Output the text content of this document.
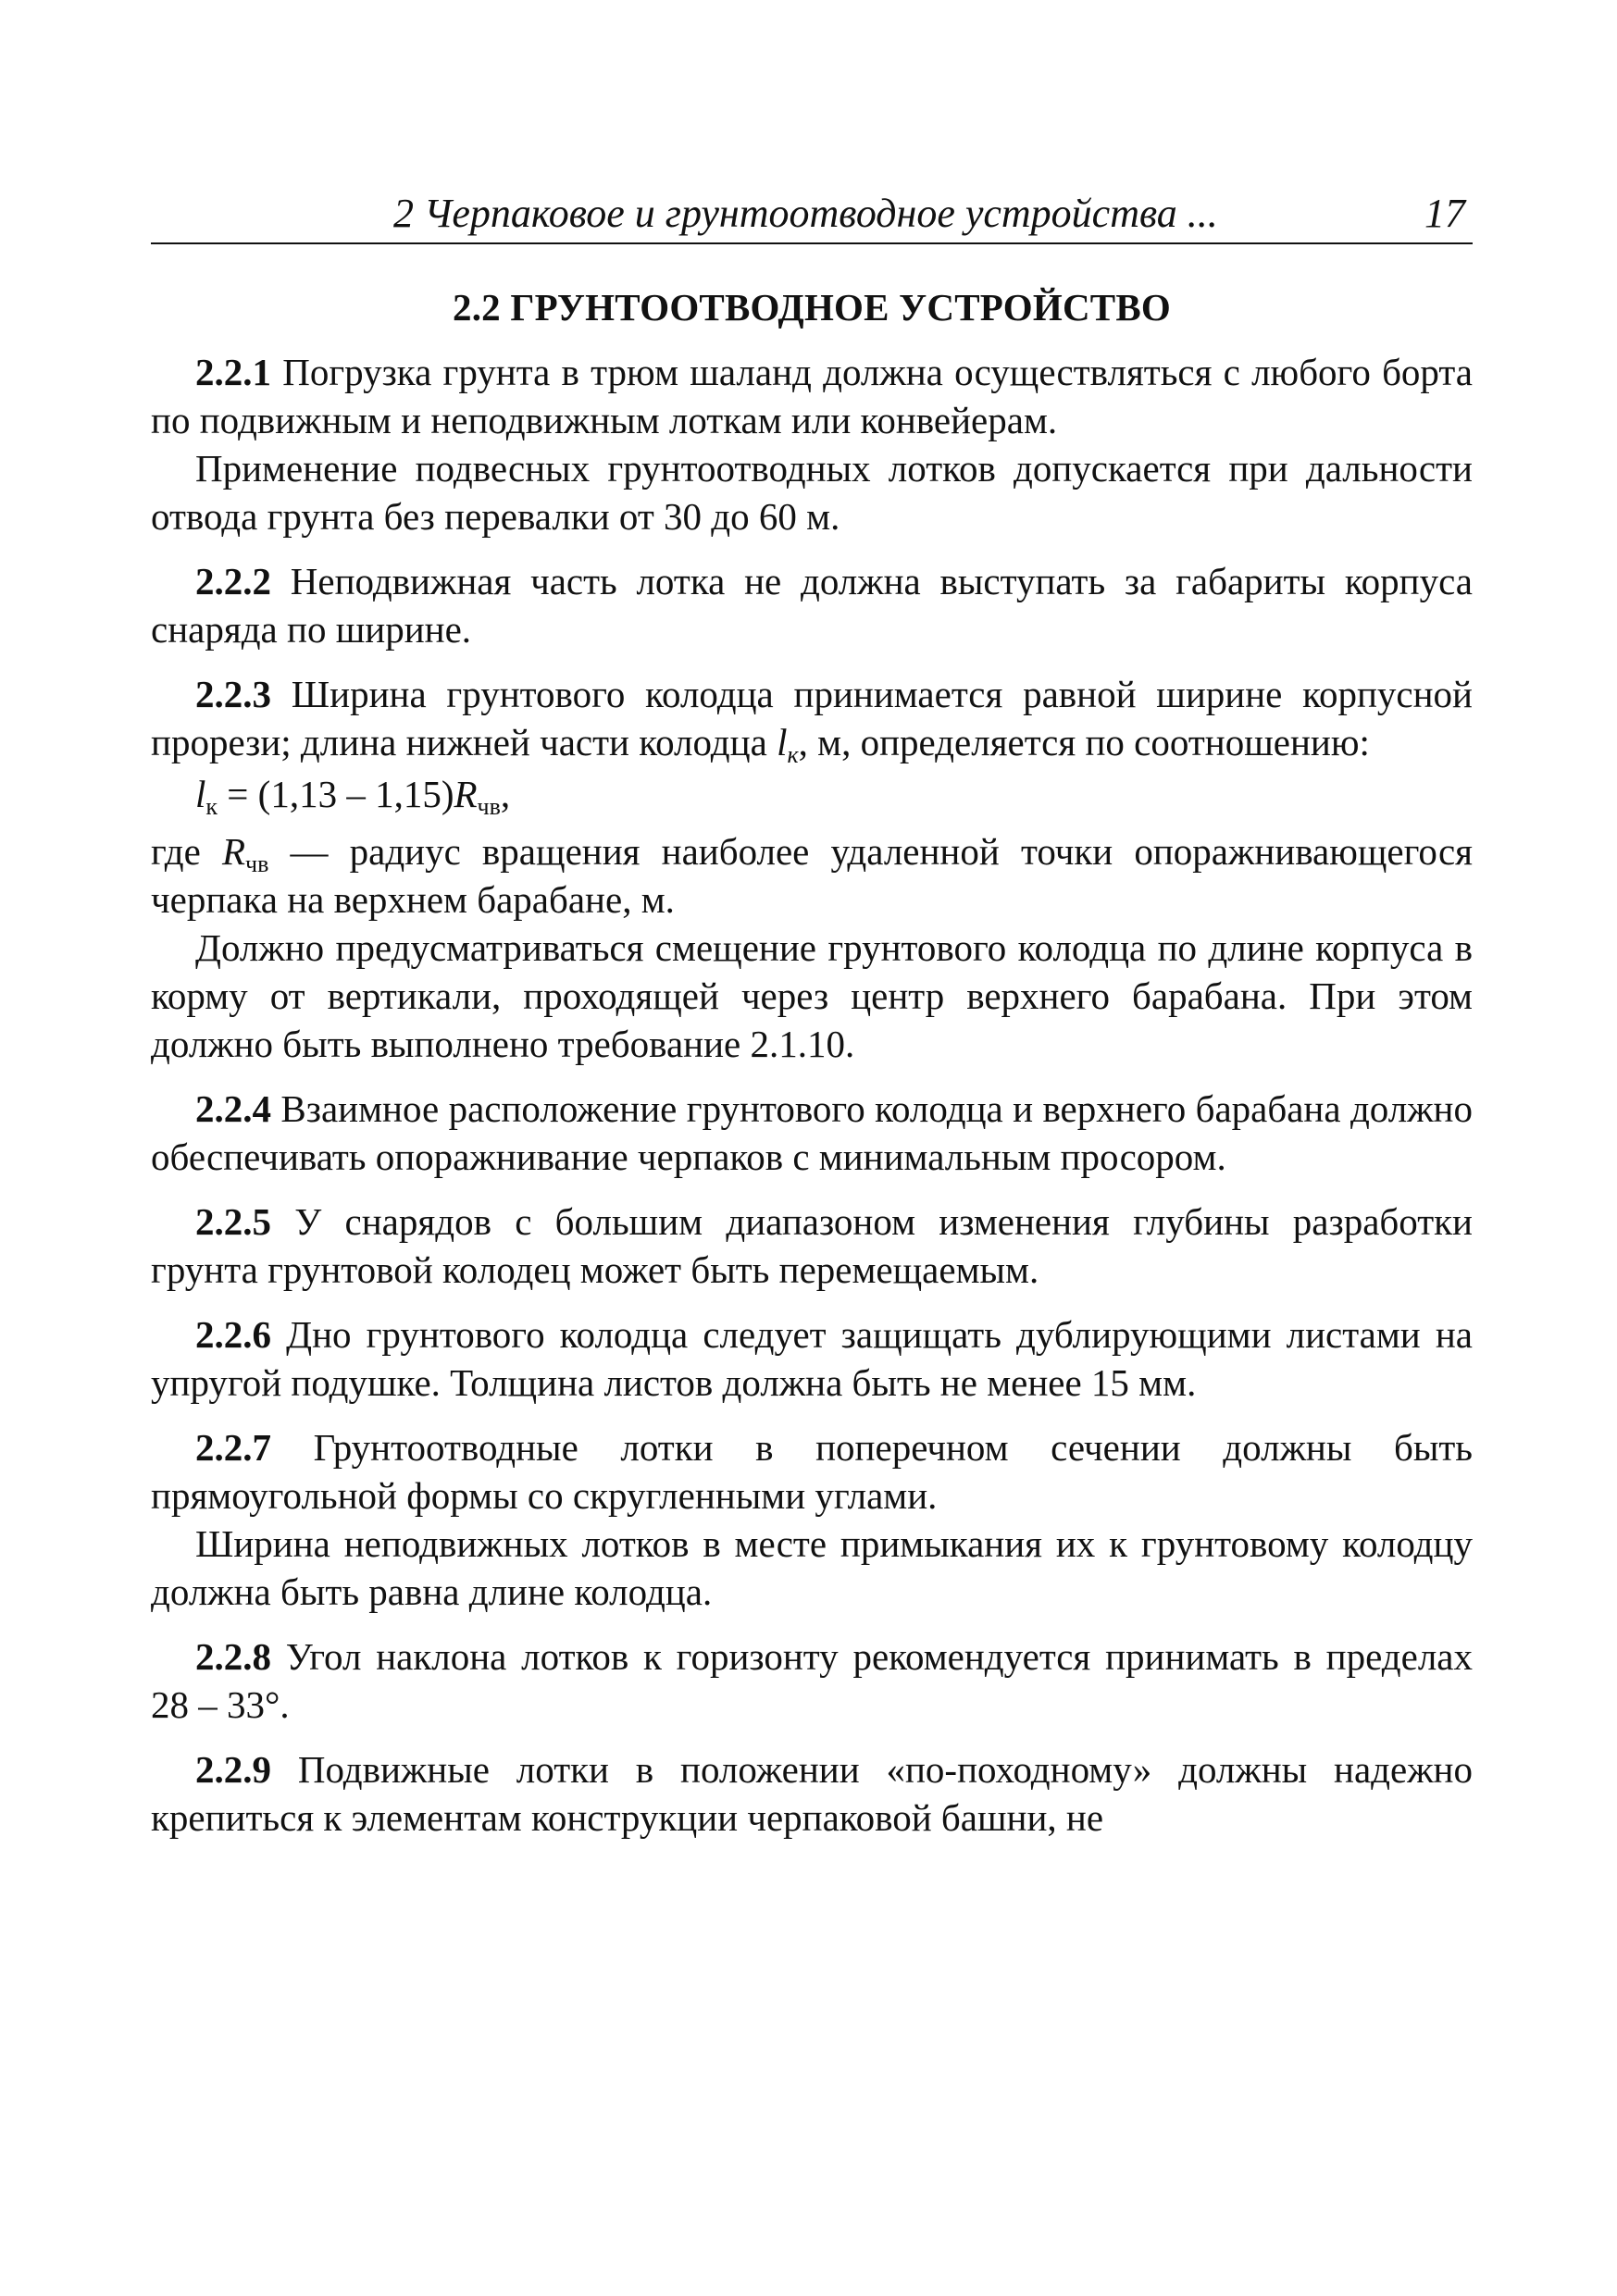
2 Черпаковое и грунтоотводное устройства ...	17
2.2 ГРУНТООТВОДНОЕ УСТРОЙСТВО

2.2.1 Погрузка грунта в трюм шаланд должна осуществляться с любого борта по подвижным и неподвижным лоткам или конвейерам.

Применение подвесных грунтоотводных лотков допускается при дальности отвода грунта без перевалки от 30 до 60 м.

2.2.2 Неподвижная часть лотка не должна выступать за габариты корпуса снаряда по ширине.

2.2.3 Ширина грунтового колодца принимается равной ширине корпусной прорези; длина нижней части колодца $l_к$, м, определяется по соотношению:

$l_к = (1,13 - 1,15)R_{чв}$,

где $R_{чв}$ — радиус вращения наиболее удаленной точки опоражнивающегося черпака на верхнем барабане, м.

Должно предусматриваться смещение грунтового колодца по длине корпуса в корму от вертикали, проходящей через центр верхнего барабана. При этом должно быть выполнено требование 2.1.10.

2.2.4 Взаимное расположение грунтового колодца и верхнего барабана должно обеспечивать опоражнивание черпаков с минимальным просором.

2.2.5 У снарядов с большим диапазоном изменения глубины разработки грунта грунтовой колодец может быть перемещаемым.

2.2.6 Дно грунтового колодца следует защищать дублирующими листами на упругой подушке. Толщина листов должна быть не менее 15 мм.

2.2.7 Грунтоотводные лотки в поперечном сечении должны быть прямоугольной формы со скругленными углами.

Ширина неподвижных лотков в месте примыкания их к грунтовому колодцу должна быть равна длине колодца.

2.2.8 Угол наклона лотков к горизонту рекомендуется принимать в пределах 28 – 33°.

2.2.9 Подвижные лотки в положении «по-походному» должны надежно крепиться к элементам конструкции черпаковой башни, не
